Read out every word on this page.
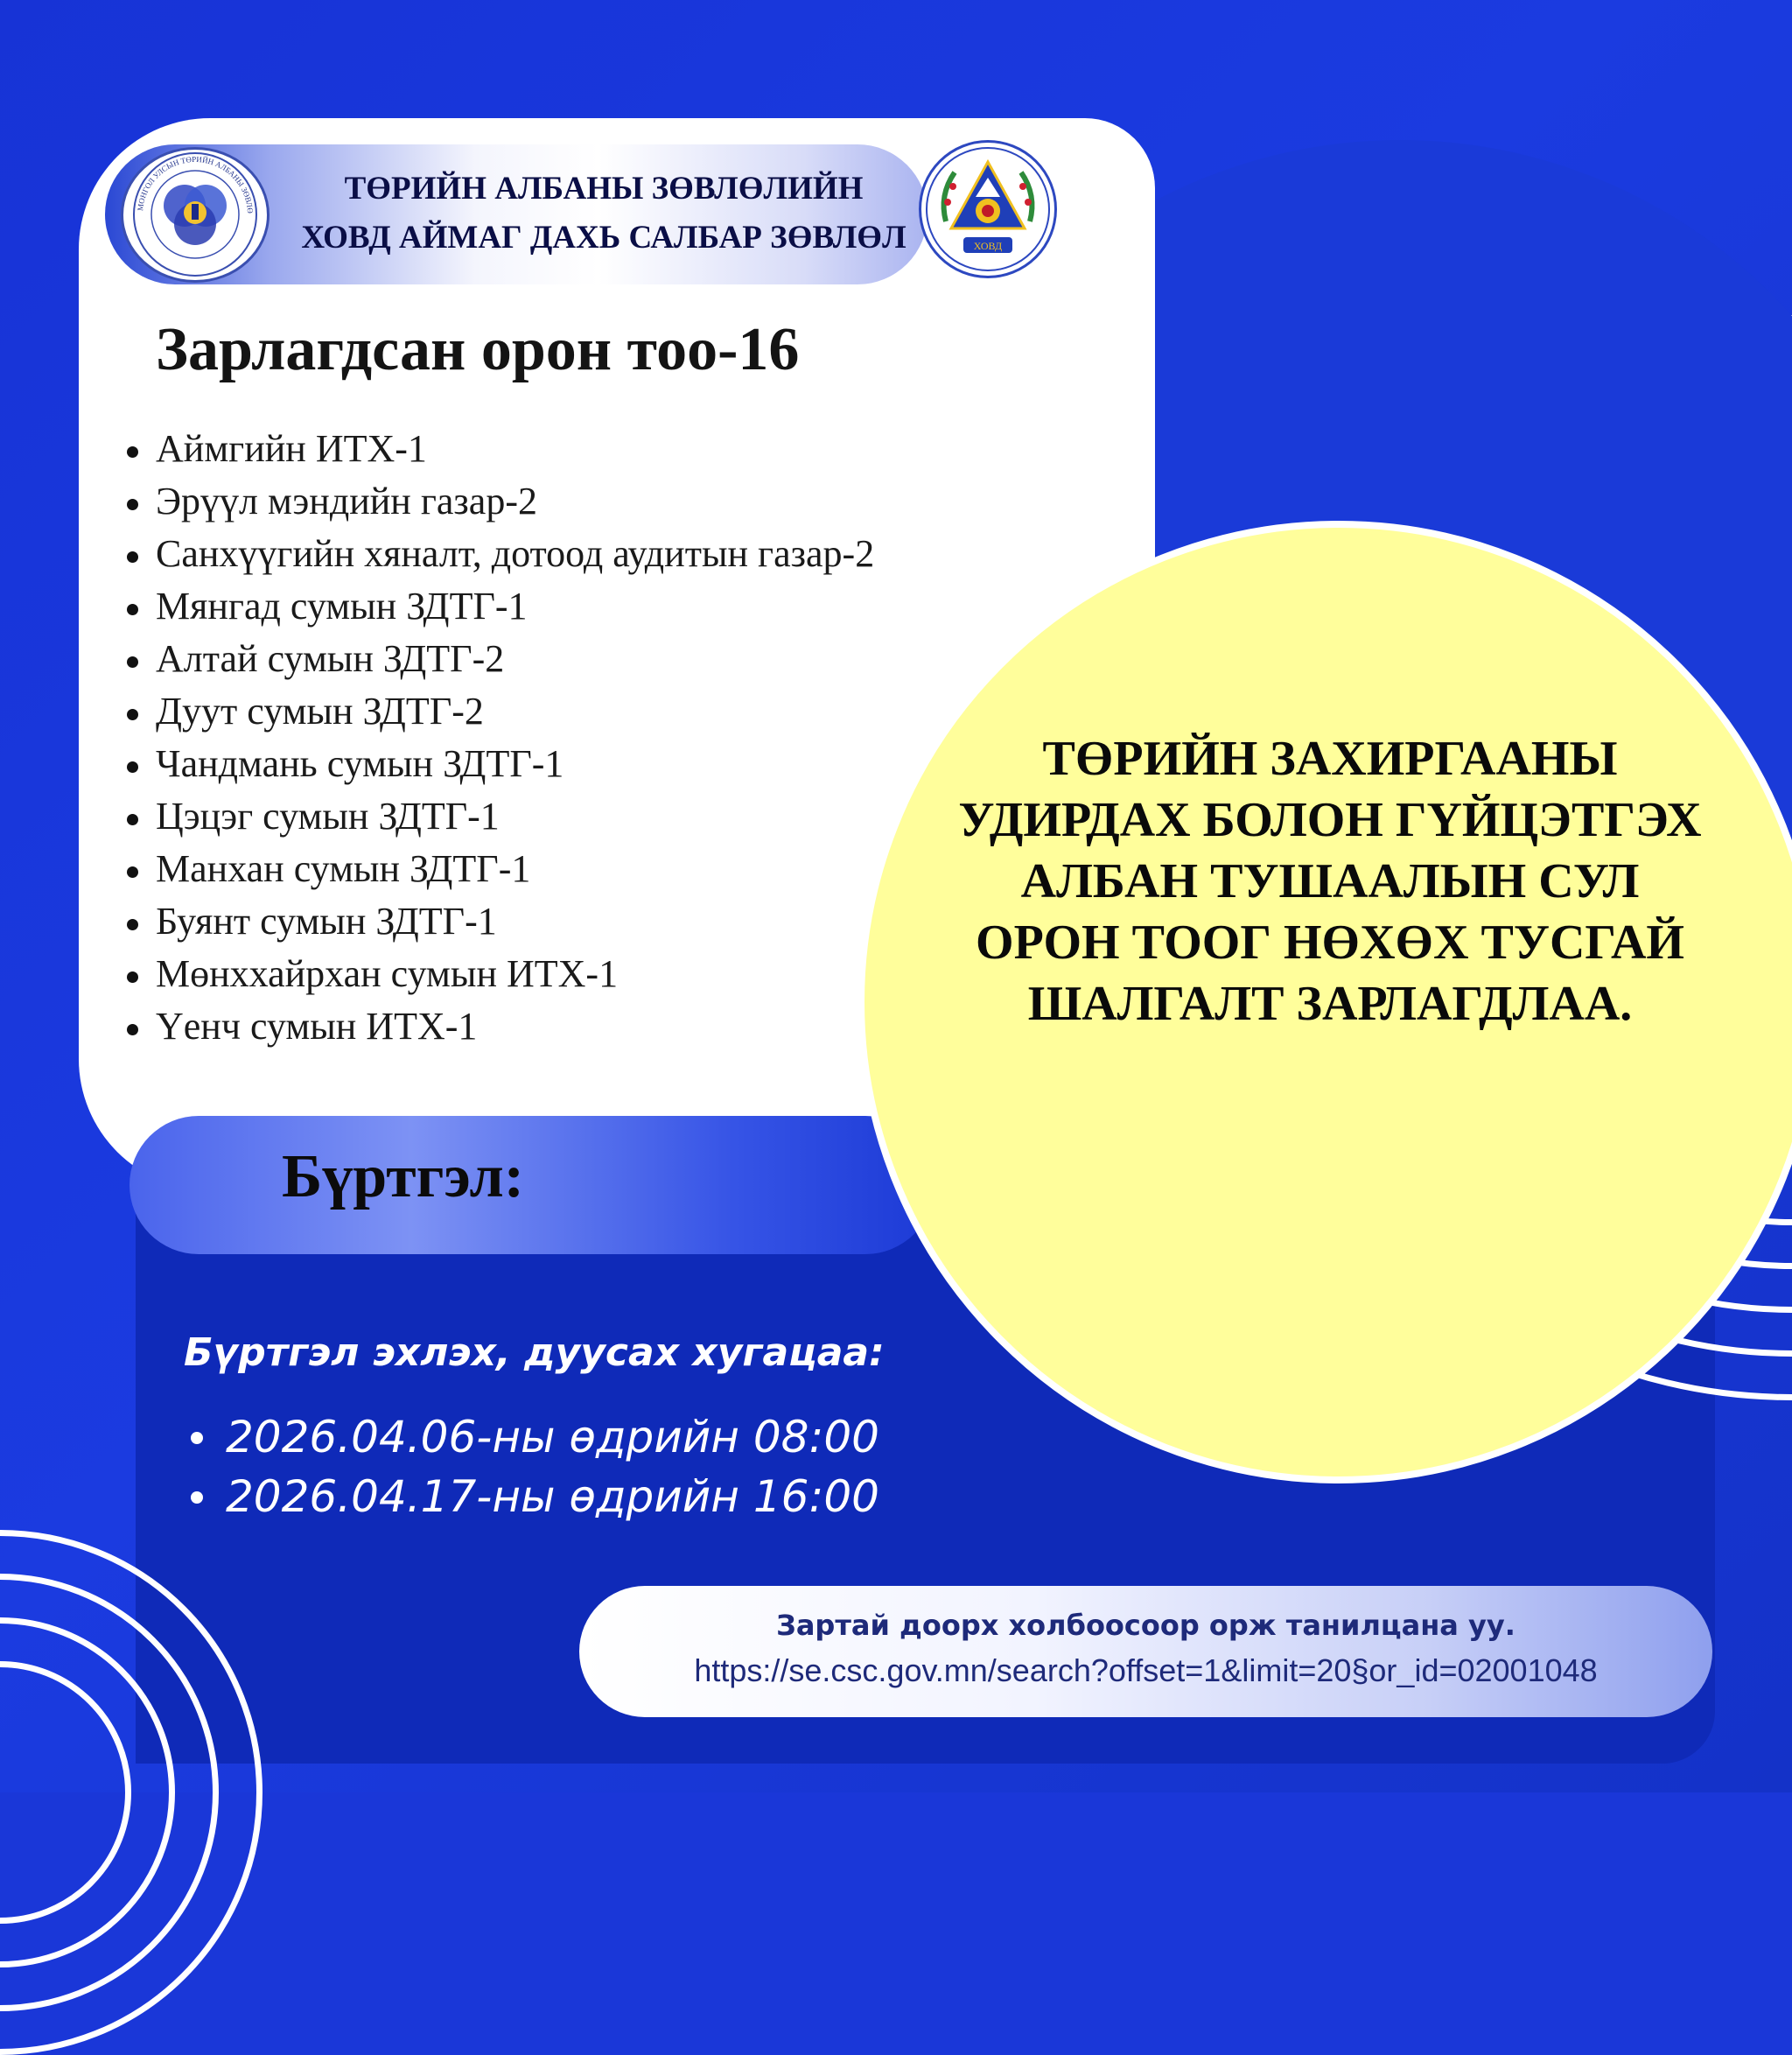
МОНГОЛ УЛСЫН ТӨРИЙН АЛБАНЫ ЗӨВЛӨ
ХОВД
ТӨРИЙН АЛБАНЫ ЗӨВЛӨЛИЙН
ХОВД АЙМАГ ДАХЬ САЛБАР ЗӨВЛӨЛ
Зарлагдсан орон тоо-16
Аймгийн ИТХ-1
Эрүүл мэндийн газар-2
Санхүүгийн хяналт, дотоод аудитын газар-2
Мянгад сумын ЗДТГ-1
Алтай сумын ЗДТГ-2
Дуут сумын ЗДТГ-2
Чандмань сумын ЗДТГ-1
Цэцэг сумын ЗДТГ-1
Манхан сумын ЗДТГ-1
Буянт сумын ЗДТГ-1
Мөнххайрхан сумын ИТХ-1
Үенч сумын ИТХ-1
Бүртгэл:
ТӨРИЙН ЗАХИРГААНЫ
УДИРДАХ БОЛОН ГҮЙЦЭТГЭХ
АЛБАН ТУШААЛЫН СУЛ
ОРОН ТООГ НӨХӨХ ТУСГАЙ
ШАЛГАЛТ ЗАРЛАГДЛАА.
Бүртгэл эхлэх, дуусах хугацаа:
2026.04.06-ны өдрийн 08:00
2026.04.17-ны өдрийн 16:00
Зартай доорх холбоосоор орж танилцана уу.
https://se.csc.gov.mn/search?offset=1&limit=20§or_id=02001048
